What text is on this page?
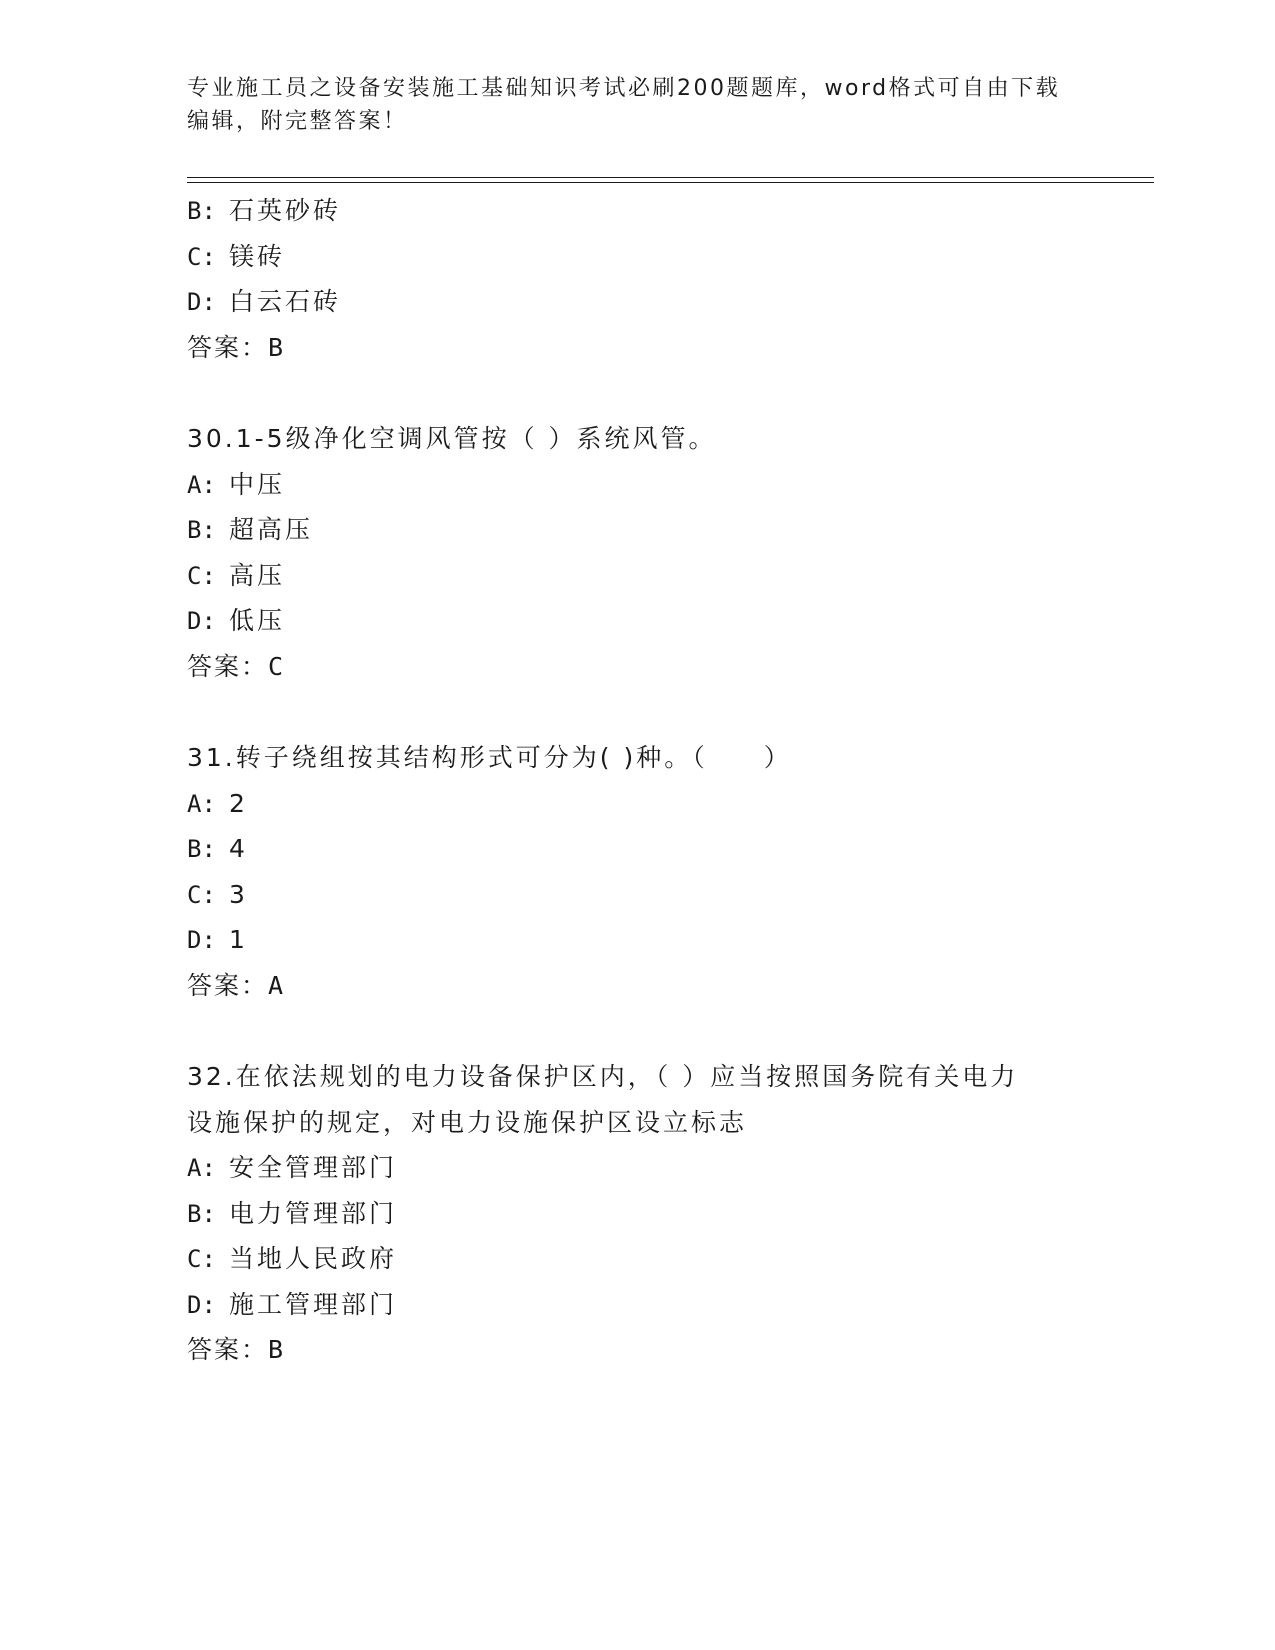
专业施工员之设备安装施工基础知识考试必刷200题题库，word格式可自由下载
编辑，附完整答案！
B: 石英砂砖
C: 镁砖
D: 白云石砖
答案：B
30.1-5级净化空调风管按（ ）系统风管。
A: 中压
B: 超高压
C: 高压
D: 低压
答案：C
31.转子绕组按其结构形式可分为( )种。（　　）
A: 2
B: 4
C: 3
D: 1
答案：A
32.在依法规划的电力设备保护区内，（ ）应当按照国务院有关电力
设施保护的规定，对电力设施保护区设立标志
A: 安全管理部门
B: 电力管理部门
C: 当地人民政府
D: 施工管理部门
答案：B
